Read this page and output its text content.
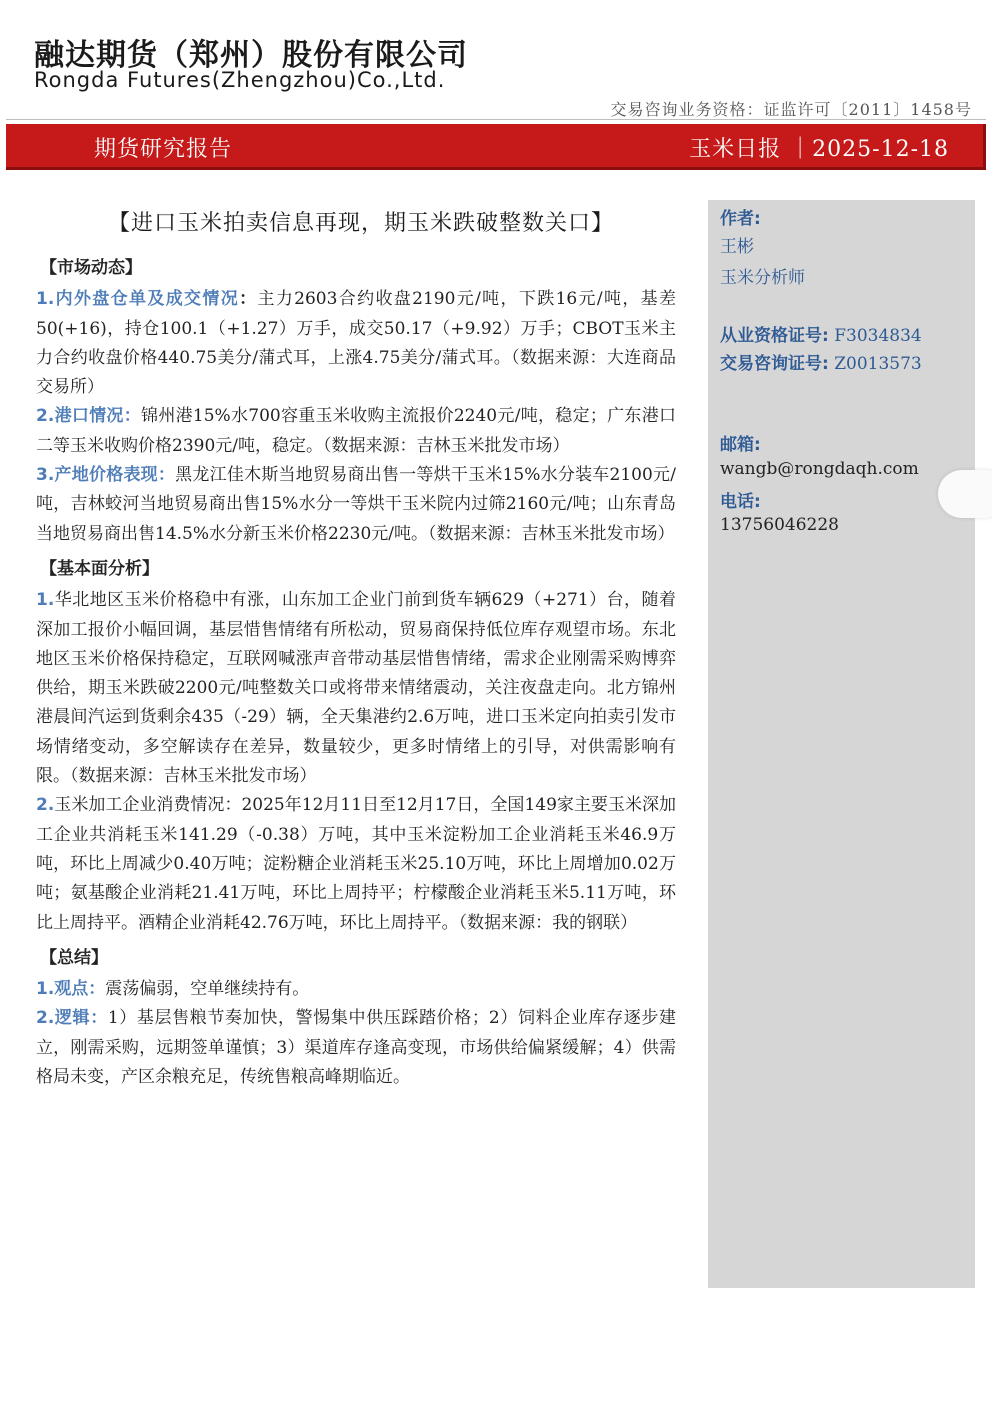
融达期货（郑州）股份有限公司
Rongda Futures(Zhengzhou)Co.,Ltd.
交易咨询业务资格：证监许可〔2011〕1458号
期货研究报告	玉米日报 ｜2025-12-18
【进口玉米拍卖信息再现，期玉米跌破整数关口】
【市场动态】

1.内外盘仓单及成交情况：主力2603合约收盘2190元/吨，下跌16元/吨，基差50(+16)，持仓100.1（+1.27）万手，成交50.17（+9.92）万手；CBOT玉米主力合约收盘价格440.75美分/蒲式耳，上涨4.75美分/蒲式耳。（数据来源：大连商品交易所）

2.港口情况：锦州港15%水700容重玉米收购主流报价2240元/吨，稳定；广东港口二等玉米收购价格2390元/吨，稳定。（数据来源：吉林玉米批发市场）

3.产地价格表现：黑龙江佳木斯当地贸易商出售一等烘干玉米15%水分装车2100元/吨，吉林蛟河当地贸易商出售15%水分一等烘干玉米院内过筛2160元/吨；山东青岛当地贸易商出售14.5%水分新玉米价格2230元/吨。（数据来源：吉林玉米批发市场）

【基本面分析】

1.华北地区玉米价格稳中有涨，山东加工企业门前到货车辆629（+271）台，随着深加工报价小幅回调，基层惜售情绪有所松动，贸易商保持低位库存观望市场。东北地区玉米价格保持稳定，互联网喊涨声音带动基层惜售情绪，需求企业刚需采购博弈供给，期玉米跌破2200元/吨整数关口或将带来情绪震动，关注夜盘走向。北方锦州港晨间汽运到货剩余435（-29）辆，全天集港约2.6万吨，进口玉米定向拍卖引发市场情绪变动，多空解读存在差异，数量较少，更多时情绪上的引导，对供需影响有限。（数据来源：吉林玉米批发市场）

2.玉米加工企业消费情况：2025年12月11日至12月17日，全国149家主要玉米深加工企业共消耗玉米141.29（-0.38）万吨，其中玉米淀粉加工企业消耗玉米46.9万吨，环比上周减少0.40万吨；淀粉糖企业消耗玉米25.10万吨，环比上周增加0.02万吨；氨基酸企业消耗21.41万吨，环比上周持平；柠檬酸企业消耗玉米5.11万吨，环比上周持平。酒精企业消耗42.76万吨，环比上周持平。（数据来源：我的钢联）

【总结】

1.观点：震荡偏弱，空单继续持有。

2.逻辑：1）基层售粮节奏加快，警惕集中供压踩踏价格；2）饲料企业库存逐步建立，刚需采购，远期签单谨慎；3）渠道库存逢高变现，市场供给偏紧缓解；4）供需格局未变，产区余粮充足，传统售粮高峰期临近。

作者:
王彬
玉米分析师
从业资格证号: F3034834
交易咨询证号: Z0013573
邮箱:
wangb@rongdaqh.com
电话:
13756046228
